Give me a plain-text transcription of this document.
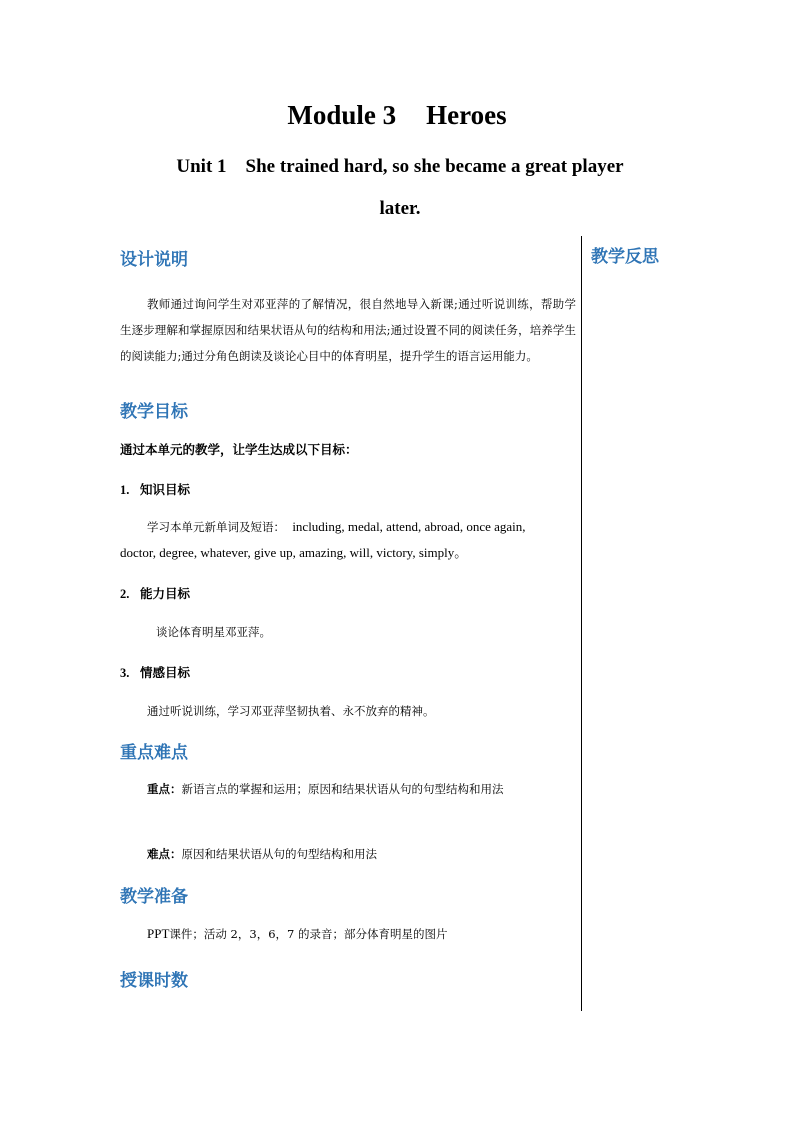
Module 3 Heroes
Unit 1 She trained hard, so she became a great player
later.
教学反思
设计说明
教师通过询问学生对邓亚萍的了解情况，很自然地导入新课;通过听说训练，帮助学生逐步理解和掌握原因和结果状语从句的结构和用法;通过设置不同的阅读任务，培养学生的阅读能力;通过分角色朗读及谈论心目中的体育明星，提升学生的语言运用能力。
教学目标
通过本单元的教学，让学生达成以下目标：
1. 知识目标
学习本单元新单词及短语： including, medal, attend, abroad, once again,
doctor, degree, whatever, give up, amazing, will, victory, simply。
2. 能力目标
谈论体育明星邓亚萍。
3. 情感目标
通过听说训练，学习邓亚萍坚韧执着、永不放弃的精神。
重点难点
重点：新语言点的掌握和运用；原因和结果状语从句的句型结构和用法
难点：原因和结果状语从句的句型结构和用法
教学准备
PPT课件；活动 2，3，6，7 的录音；部分体育明星的图片
授课时数
